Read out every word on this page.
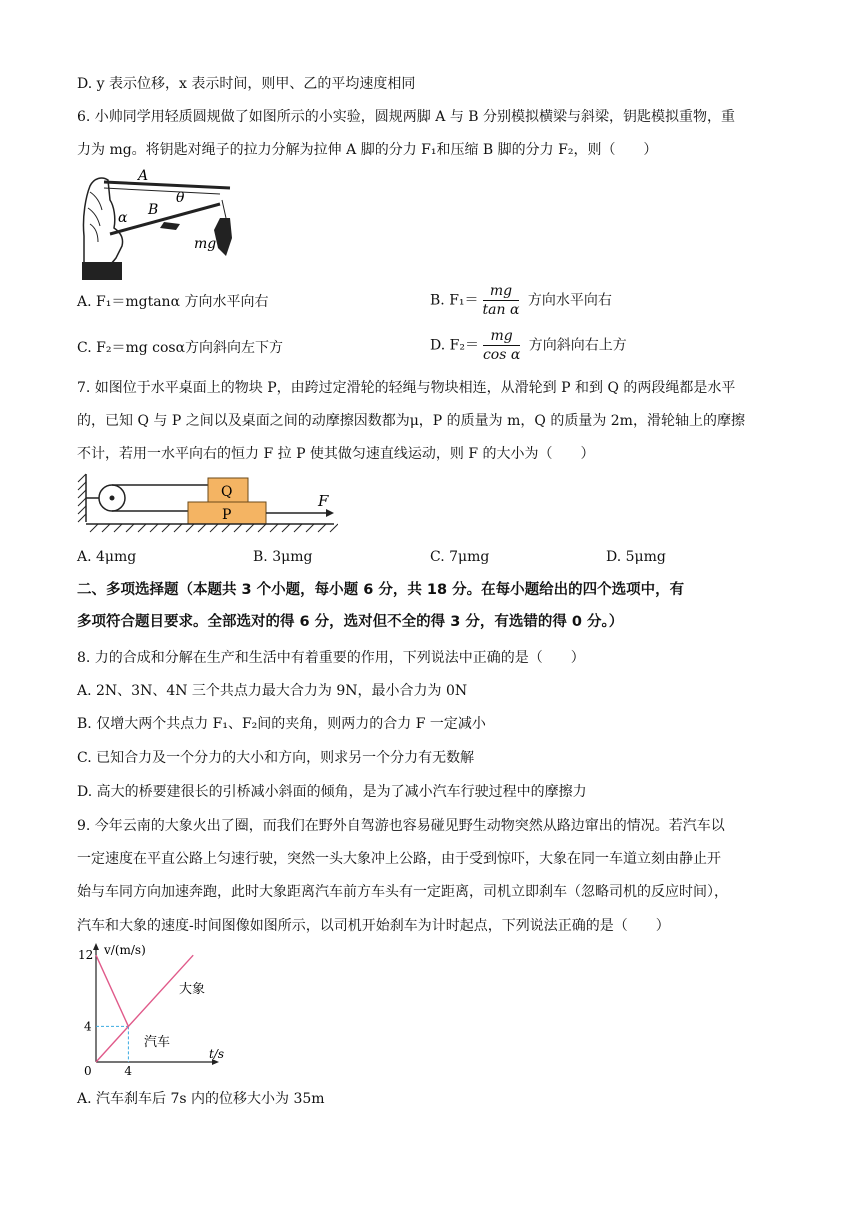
D. y 表示位移，x 表示时间，则甲、乙的平均速度相同
6. 小帅同学用轻质圆规做了如图所示的小实验，圆规两脚 A 与 B 分别模拟横梁与斜梁，钥匙模拟重物，重
力为 mg。将钥匙对绳子的拉力分解为拉伸 A 脚的分力 F₁和压缩 B 脚的分力 F₂，则（　　）
A
θ
B
α
mg
A. F₁＝mgtanα 方向水平向右	B. $F_1= \frac{mg}{\text{tan α}}$ 方向水平向右
C. F₂＝mg cosα方向斜向左下方	D. $F_2= \frac{mg}{\text{cos α}}$ 方向斜向右上方
7. 如图位于水平桌面上的物块 P，由跨过定滑轮的轻绳与物块相连，从滑轮到 P 和到 Q 的两段绳都是水平
的，已知 Q 与 P 之间以及桌面之间的动摩擦因数都为μ，P 的质量为 m，Q 的质量为 2m，滑轮轴上的摩擦
不计，若用一水平向右的恒力 F 拉 P 使其做匀速直线运动，则 F 的大小为（　　）
Q
P
F
A. 4μmg	B. 3μmg	C. 7μmg	D. 5μmg
二、多项选择题（本题共 3 个小题，每小题 6 分，共 18 分。在每小题给出的四个选项中，有
多项符合题目要求。全部选对的得 6 分，选对但不全的得 3 分，有选错的得 0 分。）
8. 力的合成和分解在生产和生活中有着重要的作用，下列说法中正确的是（　　）
A. 2N、3N、4N 三个共点力最大合力为 9N，最小合力为 0N
B. 仅增大两个共点力 F₁、F₂间的夹角，则两力的合力 F 一定减小
C. 已知合力及一个分力的大小和方向，则求另一个分力有无数解
D. 高大的桥要建很长的引桥减小斜面的倾角，是为了减小汽车行驶过程中的摩擦力
9. 今年云南的大象火出了圈，而我们在野外自驾游也容易碰见野生动物突然从路边窜出的情况。若汽车以
一定速度在平直公路上匀速行驶，突然一头大象冲上公路，由于受到惊吓，大象在同一车道立刻由静止开
始与车同方向加速奔跑，此时大象距离汽车前方车头有一定距离，司机立即刹车（忽略司机的反应时间），
汽车和大象的速度-时间图像如图所示，以司机开始刹车为计时起点，下列说法正确的是（　　）
v/(m/s)
t/s
0	4
4
12
大象
汽车
A. 汽车刹车后 7s 内的位移大小为 35m
